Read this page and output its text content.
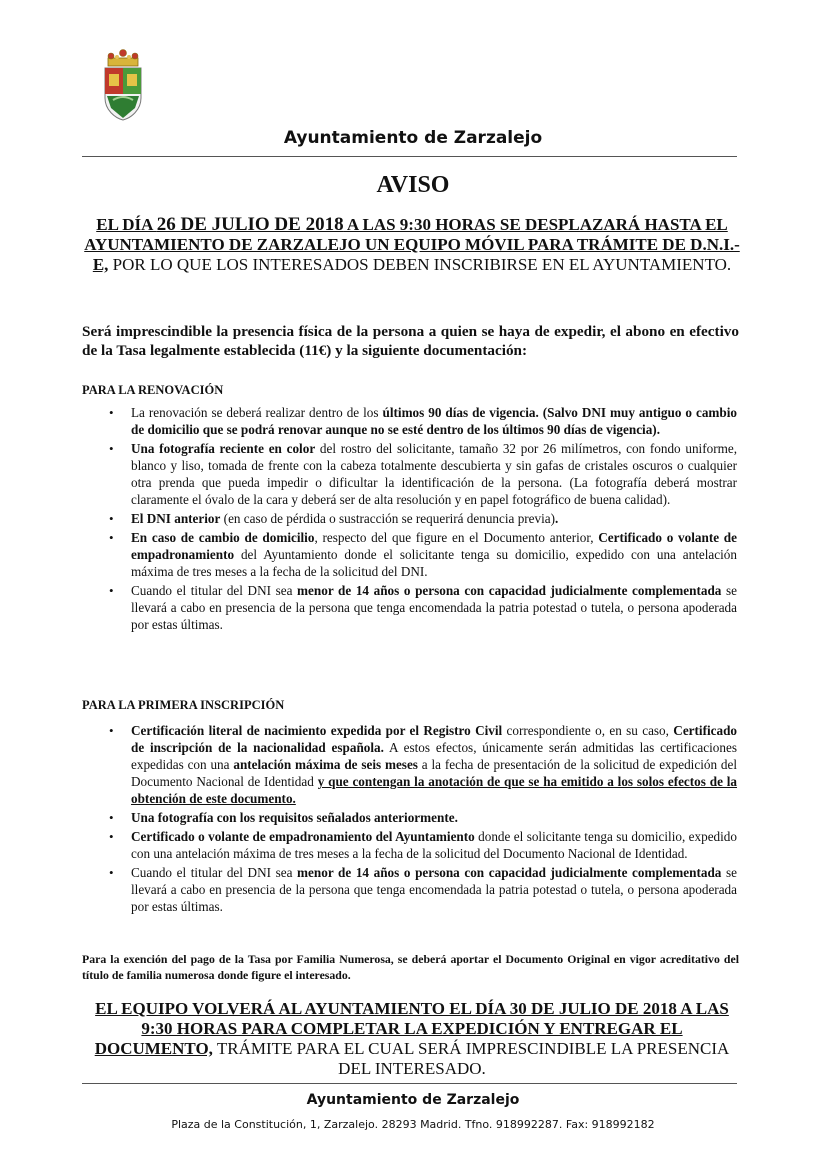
Ayuntamiento de Zarzalejo
AVISO
EL DÍA 26 DE JULIO DE 2018 A LAS 9:30 HORAS SE DESPLAZARÁ HASTA EL AYUNTAMIENTO DE ZARZALEJO UN EQUIPO MÓVIL PARA TRÁMITE DE D.N.I.-E, POR LO QUE LOS INTERESADOS DEBEN INSCRIBIRSE EN EL AYUNTAMIENTO.
Será imprescindible la presencia física de la persona a quien se haya de expedir, el abono en efectivo de la Tasa legalmente establecida (11€) y la siguiente documentación:
PARA LA RENOVACIÓN
• La renovación se deberá realizar dentro de los últimos 90 días de vigencia. (Salvo DNI muy antiguo o cambio de domicilio que se podrá renovar aunque no se esté dentro de los últimos 90 días de vigencia).
• Una fotografía reciente en color del rostro del solicitante, tamaño 32 por 26 milímetros, con fondo uniforme, blanco y liso, tomada de frente con la cabeza totalmente descubierta y sin gafas de cristales oscuros o cualquier otra prenda que pueda impedir o dificultar la identificación de la persona. (La fotografía deberá mostrar claramente el óvalo de la cara y deberá ser de alta resolución y en papel fotográfico de buena calidad).
• El DNI anterior (en caso de pérdida o sustracción se requerirá denuncia previa).
• En caso de cambio de domicilio, respecto del que figure en el Documento anterior, Certificado o volante de empadronamiento del Ayuntamiento donde el solicitante tenga su domicilio, expedido con una antelación máxima de tres meses a la fecha de la solicitud del DNI.
• Cuando el titular del DNI sea menor de 14 años o persona con capacidad judicialmente complementada se llevará a cabo en presencia de la persona que tenga encomendada la patria potestad o tutela, o persona apoderada por estas últimas.
PARA LA PRIMERA INSCRIPCIÓN
• Certificación literal de nacimiento expedida por el Registro Civil correspondiente o, en su caso, Certificado de inscripción de la nacionalidad española. A estos efectos, únicamente serán admitidas las certificaciones expedidas con una antelación máxima de seis meses a la fecha de presentación de la solicitud de expedición del Documento Nacional de Identidad y que contengan la anotación de que se ha emitido a los solos efectos de la obtención de este documento.
• Una fotografía con los requisitos señalados anteriormente.
• Certificado o volante de empadronamiento del Ayuntamiento donde el solicitante tenga su domicilio, expedido con una antelación máxima de tres meses a la fecha de la solicitud del Documento Nacional de Identidad.
• Cuando el titular del DNI sea menor de 14 años o persona con capacidad judicialmente complementada se llevará a cabo en presencia de la persona que tenga encomendada la patria potestad o tutela, o persona apoderada por estas últimas.
Para la exención del pago de la Tasa por Familia Numerosa, se deberá aportar el Documento Original en vigor acreditativo del título de familia numerosa donde figure el interesado.
EL EQUIPO VOLVERÁ AL AYUNTAMIENTO EL DÍA 30 DE JULIO DE 2018 A LAS 9:30 HORAS PARA COMPLETAR LA EXPEDICIÓN Y ENTREGAR EL DOCUMENTO, TRÁMITE PARA EL CUAL SERÁ IMPRESCINDIBLE LA PRESENCIA DEL INTERESADO.
Ayuntamiento de Zarzalejo
Plaza de la Constitución, 1, Zarzalejo. 28293 Madrid. Tfno. 918992287. Fax: 918992182
